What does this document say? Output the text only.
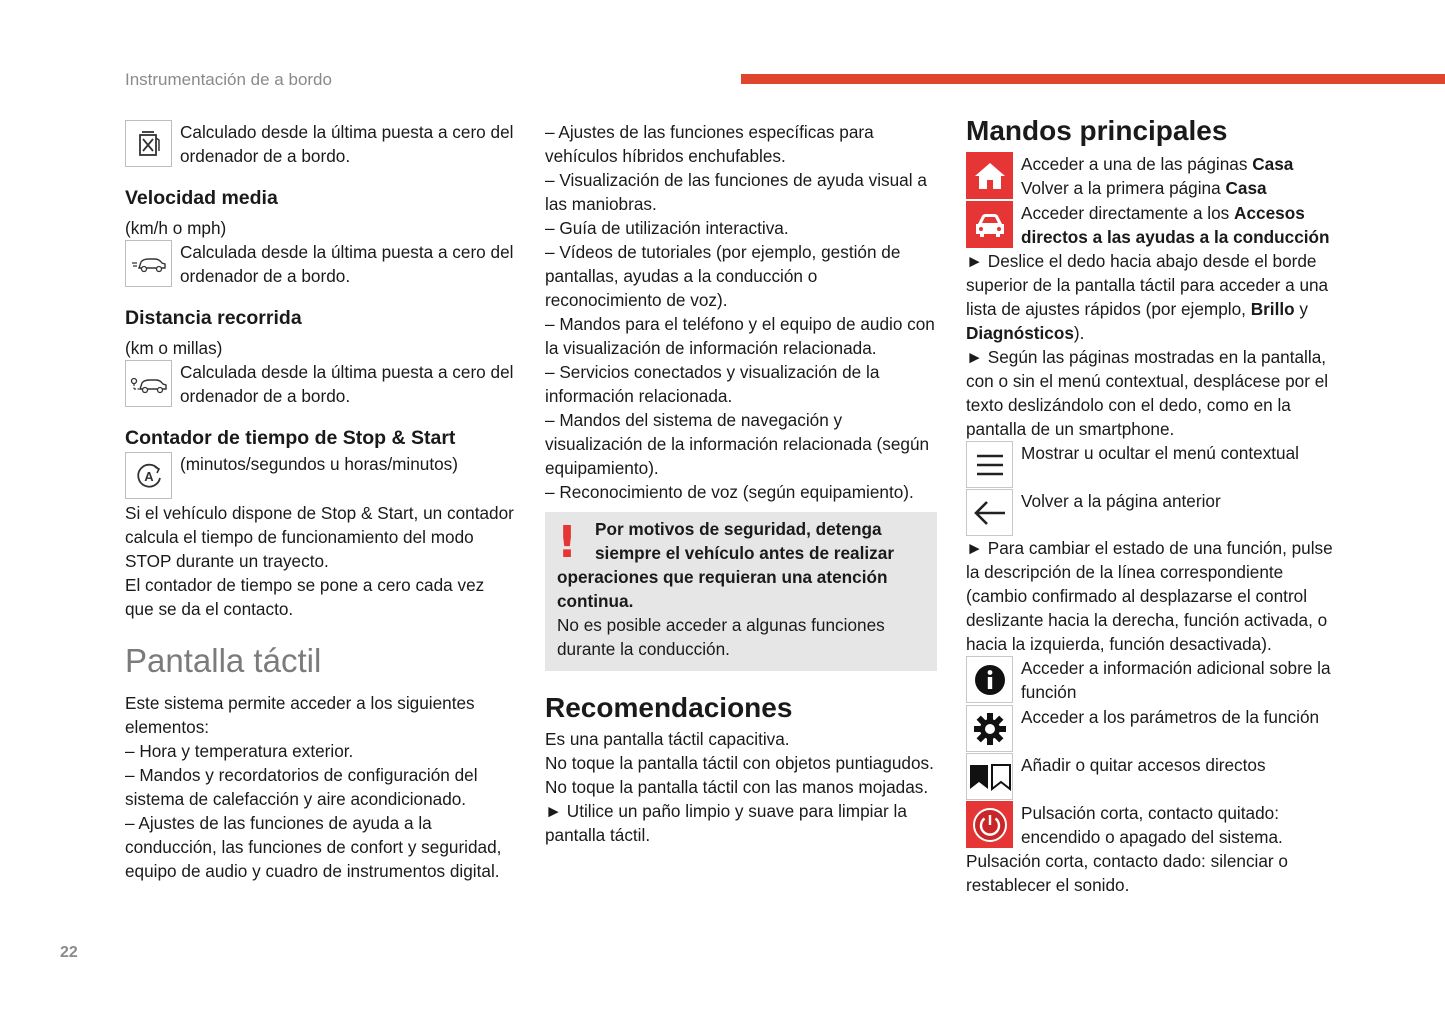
Instrumentación de a bordo

Calculado desde la última puesta a cero del ordenador de a bordo.

Velocidad media

(km/h o mph)

Calculada desde la última puesta a cero del ordenador de a bordo.

Distancia recorrida

(km o millas)

Calculada desde la última puesta a cero del ordenador de a bordo.

Contador de tiempo de Stop & Start

A

(minutos/segundos u horas/minutos)

Si el vehículo dispone de Stop & Start, un contador calcula el tiempo de funcionamiento del modo STOP durante un trayecto.

El contador de tiempo se pone a cero cada vez que se da el contacto.

Pantalla táctil

Este sistema permite acceder a los siguientes elementos:

– Hora y temperatura exterior.

– Mandos y recordatorios de configuración del sistema de calefacción y aire acondicionado.

– Ajustes de las funciones de ayuda a la conducción, las funciones de confort y seguridad, equipo de audio y cuadro de instrumentos digital.

– Ajustes de las funciones específicas para vehículos híbridos enchufables.

– Visualización de las funciones de ayuda visual a las maniobras.

– Guía de utilización interactiva.

– Vídeos de tutoriales (por ejemplo, gestión de pantallas, ayudas a la conducción o reconocimiento de voz).

– Mandos para el teléfono y el equipo de audio con la visualización de información relacionada.

– Servicios conectados y visualización de la información relacionada.

– Mandos del sistema de navegación y visualización de la información relacionada (según equipamiento).

– Reconocimiento de voz (según equipamiento).

!	Por motivos de seguridad, detenga siempre el vehículo antes de realizar operaciones que requieran una atención continua.

No es posible acceder a algunas funciones durante la conducción.

Recomendaciones

Es una pantalla táctil capacitiva.

No toque la pantalla táctil con objetos puntiagudos.

No toque la pantalla táctil con las manos mojadas.

► Utilice un paño limpio y suave para limpiar la pantalla táctil.

Mandos principales

Acceder a una de las páginas Casa

Volver a la primera página Casa

Acceder directamente a los Accesos directos a las ayudas a la conducción

► Deslice el dedo hacia abajo desde el borde superior de la pantalla táctil para acceder a una lista de ajustes rápidos (por ejemplo, Brillo y Diagnósticos).

► Según las páginas mostradas en la pantalla, con o sin el menú contextual, desplácese por el texto deslizándolo con el dedo, como en la pantalla de un smartphone.

Mostrar u ocultar el menú contextual

Volver a la página anterior

► Para cambiar el estado de una función, pulse la descripción de la línea correspondiente (cambio confirmado al desplazarse el control deslizante hacia la derecha, función activada, o hacia la izquierda, función desactivada).

Acceder a información adicional sobre la función

Acceder a los parámetros de la función

Añadir o quitar accesos directos

Pulsación corta, contacto quitado: encendido o apagado del sistema.

Pulsación corta, contacto dado: silenciar o restablecer el sonido.

22
